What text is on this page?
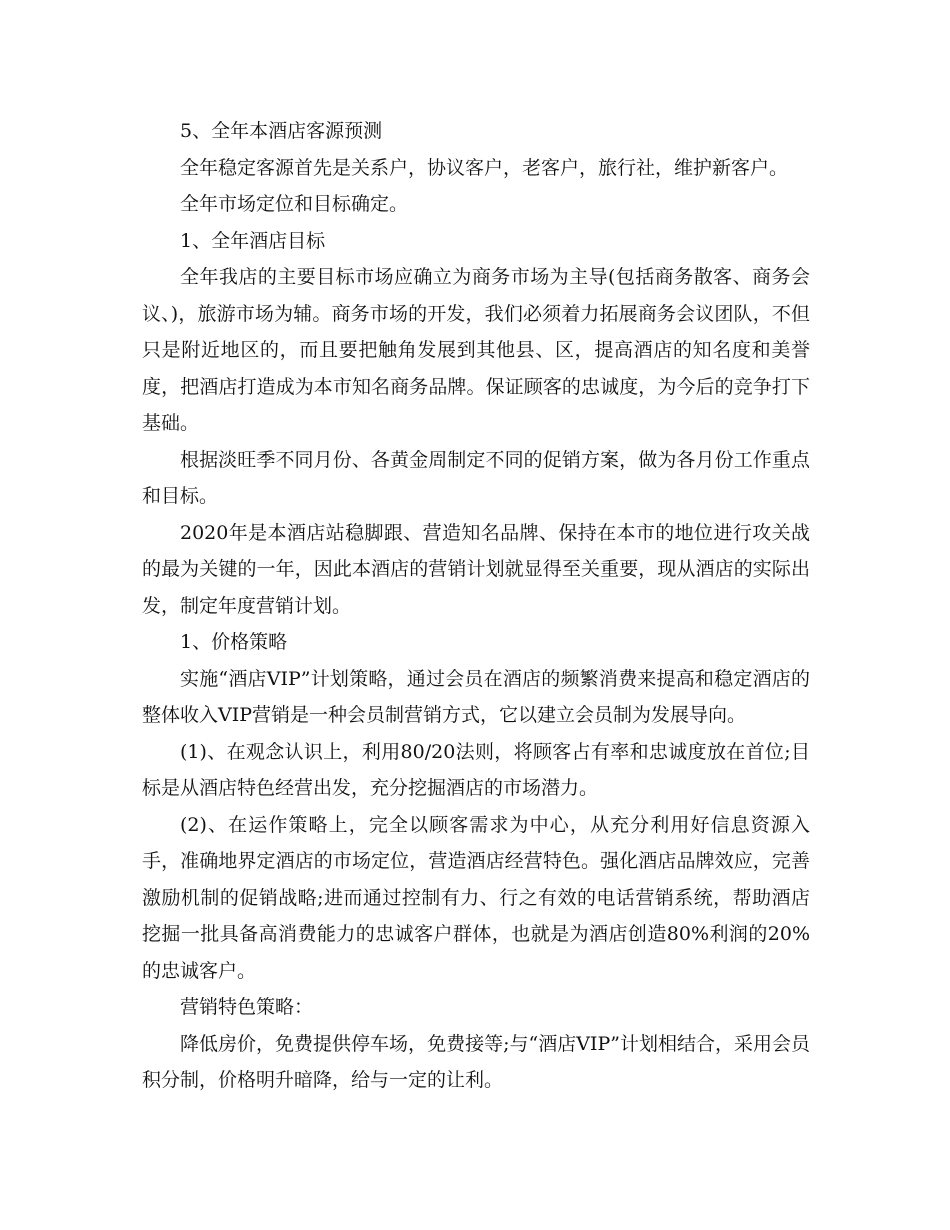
5、全年本酒店客源预测

全年稳定客源首先是关系户，协议客户，老客户，旅行社，维护新客户。

全年市场定位和目标确定。

1、全年酒店目标

全年我店的主要目标市场应确立为商务市场为主导(包括商务散客、商务会议、)，旅游市场为辅。商务市场的开发，我们必须着力拓展商务会议团队，不但只是附近地区的，而且要把触角发展到其他县、区，提高酒店的知名度和美誉度，把酒店打造成为本市知名商务品牌。保证顾客的忠诚度，为今后的竞争打下基础。

根据淡旺季不同月份、各黄金周制定不同的促销方案，做为各月份工作重点和目标。

2020年是本酒店站稳脚跟、营造知名品牌、保持在本市的地位进行攻关战的最为关键的一年，因此本酒店的营销计划就显得至关重要，现从酒店的实际出发，制定年度营销计划。

1、价格策略

实施“酒店VIP”计划策略，通过会员在酒店的频繁消费来提高和稳定酒店的整体收入VIP营销是一种会员制营销方式，它以建立会员制为发展导向。

(1)、在观念认识上，利用80/20法则，将顾客占有率和忠诚度放在首位;目标是从酒店特色经营出发，充分挖掘酒店的市场潜力。

(2)、在运作策略上，完全以顾客需求为中心，从充分利用好信息资源入手，准确地界定酒店的市场定位，营造酒店经营特色。强化酒店品牌效应，完善激励机制的促销战略;进而通过控制有力、行之有效的电话营销系统，帮助酒店挖掘一批具备高消费能力的忠诚客户群体，也就是为酒店创造80%利润的20%的忠诚客户。

营销特色策略：

降低房价，免费提供停车场，免费接等;与“酒店VIP”计划相结合，采用会员积分制，价格明升暗降，给与一定的让利。
